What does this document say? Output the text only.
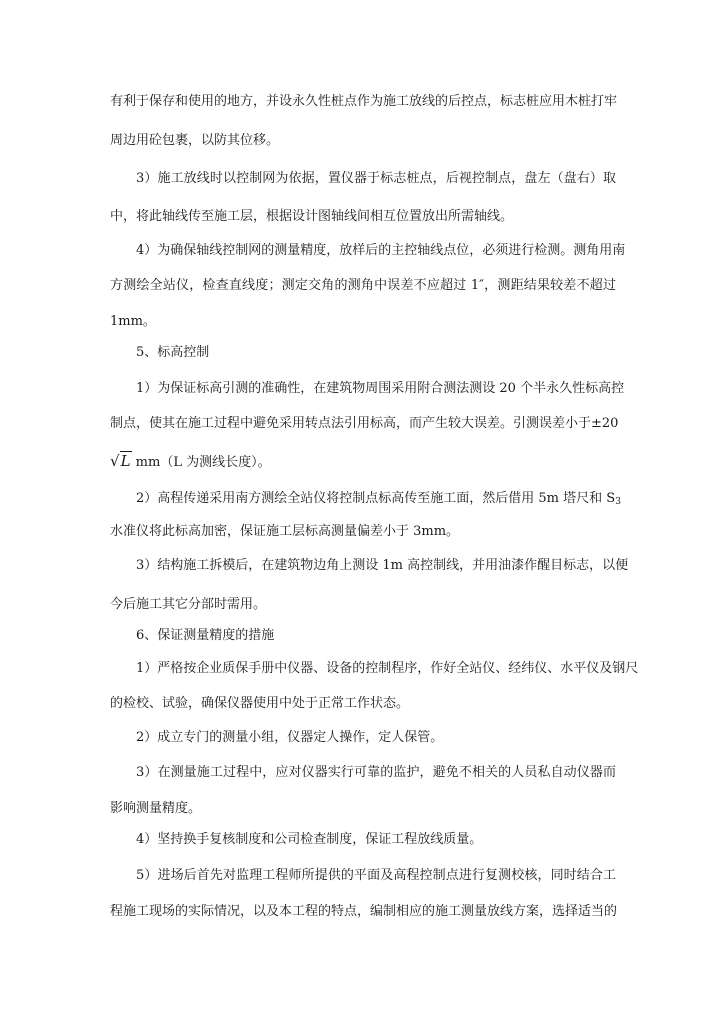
有利于保存和使用的地方，并设永久性桩点作为施工放线的后控点，标志桩应用木桩打牢
周边用砼包裹，以防其位移。
3）施工放线时以控制网为依据，置仪器于标志桩点，后视控制点，盘左（盘右）取
中，将此轴线传至施工层，根据设计图轴线间相互位置放出所需轴线。
4）为确保轴线控制网的测量精度，放样后的主控轴线点位，必须进行检测。测角用南
方测绘全站仪，检查直线度；测定交角的测角中误差不应超过 1″，测距结果较差不超过
1mm。
5、标高控制
1）为保证标高引测的准确性，在建筑物周围采用附合测法测设 20 个半永久性标高控
制点，使其在施工过程中避免采用转点法引用标高，而产生较大误差。引测误差小于±20
√L mm（L 为测线长度）。
2）高程传递采用南方测绘全站仪将控制点标高传至施工面，然后借用 5m 塔尺和 $S_3$
水准仪将此标高加密，保证施工层标高测量偏差小于 3mm。
3）结构施工拆模后，在建筑物边角上测设 1m 高控制线，并用油漆作醒目标志，以便
今后施工其它分部时需用。
6、保证测量精度的措施
1）严格按企业质保手册中仪器、设备的控制程序，作好全站仪、经纬仪、水平仪及钢尺
的检校、试验，确保仪器使用中处于正常工作状态。
2）成立专门的测量小组，仪器定人操作，定人保管。
3）在测量施工过程中，应对仪器实行可靠的监护，避免不相关的人员私自动仪器而
影响测量精度。
4）坚持换手复核制度和公司检查制度，保证工程放线质量。
5）进场后首先对监理工程师所提供的平面及高程控制点进行复测校核，同时结合工
程施工现场的实际情况，以及本工程的特点，编制相应的施工测量放线方案，选择适当的
